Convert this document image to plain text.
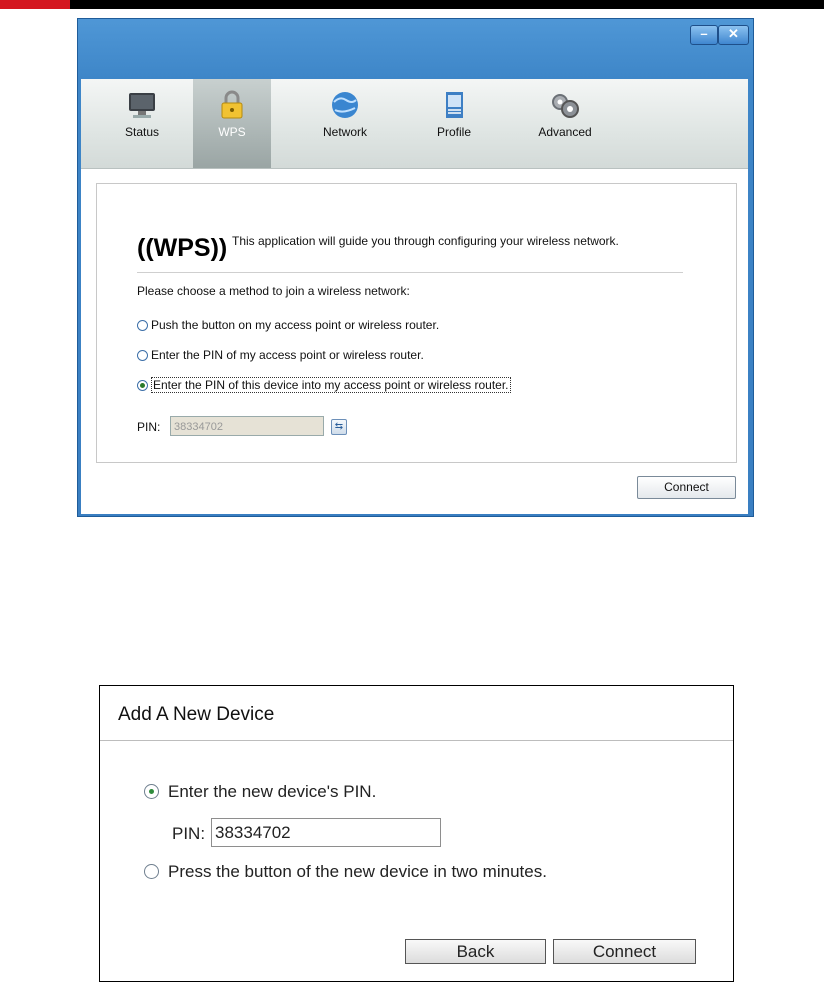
–	✕
Status	WPS	Network	Profile	Advanced
((WPS)) This application will guide you through configuring your wireless network.
Please choose a method to join a wireless network:
Push the button on my access point or wireless router.
Enter the PIN of my access point or wireless router.
Enter the PIN of this device into my access point or wireless router.
PIN:	38334702	⇆
Connect
Add A New Device
Enter the new device's PIN.
PIN: 38334702
Press the button of the new device in two minutes.
Back	Connect
